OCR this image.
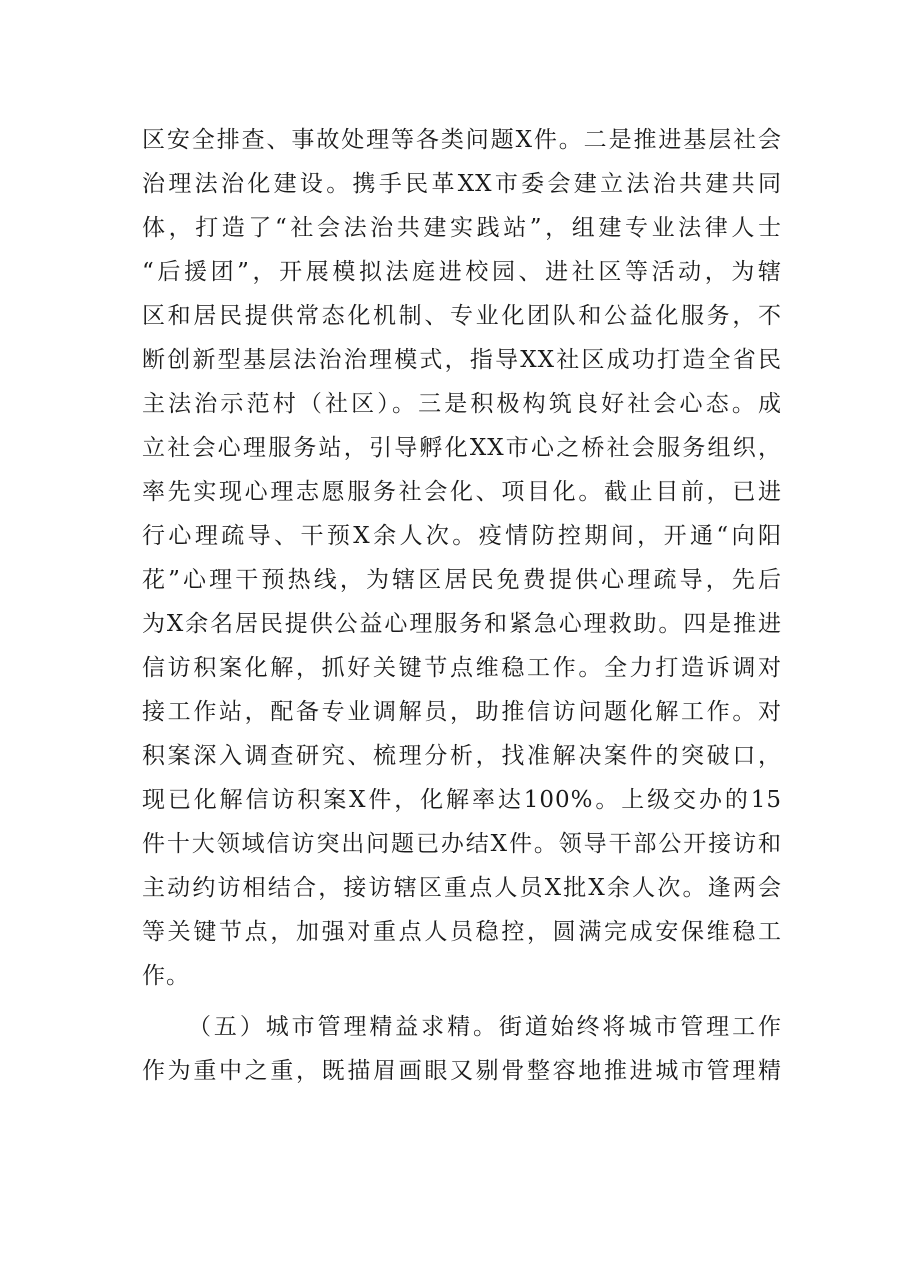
区安全排查、事故处理等各类问题X件。二是推进基层社会
治理法治化建设。携手民革XX市委会建立法治共建共同
体，打造了“社会法治共建实践站”，组建专业法律人士
“后援团”，开展模拟法庭进校园、进社区等活动，为辖
区和居民提供常态化机制、专业化团队和公益化服务，不
断创新型基层法治治理模式，指导XX社区成功打造全省民
主法治示范村（社区）。三是积极构筑良好社会心态。成
立社会心理服务站，引导孵化XX市心之桥社会服务组织，
率先实现心理志愿服务社会化、项目化。截止目前，已进
行心理疏导、干预X余人次。疫情防控期间，开通“向阳
花”心理干预热线，为辖区居民免费提供心理疏导，先后
为X余名居民提供公益心理服务和紧急心理救助。四是推进
信访积案化解，抓好关键节点维稳工作。全力打造诉调对
接工作站，配备专业调解员，助推信访问题化解工作。对
积案深入调查研究、梳理分析，找准解决案件的突破口，
现已化解信访积案X件，化解率达100%。上级交办的15
件十大领域信访突出问题已办结X件。领导干部公开接访和
主动约访相结合，接访辖区重点人员X批X余人次。逢两会
等关键节点，加强对重点人员稳控，圆满完成安保维稳工
作。
（五）城市管理精益求精。街道始终将城市管理工作
作为重中之重，既描眉画眼又剔骨整容地推进城市管理精
